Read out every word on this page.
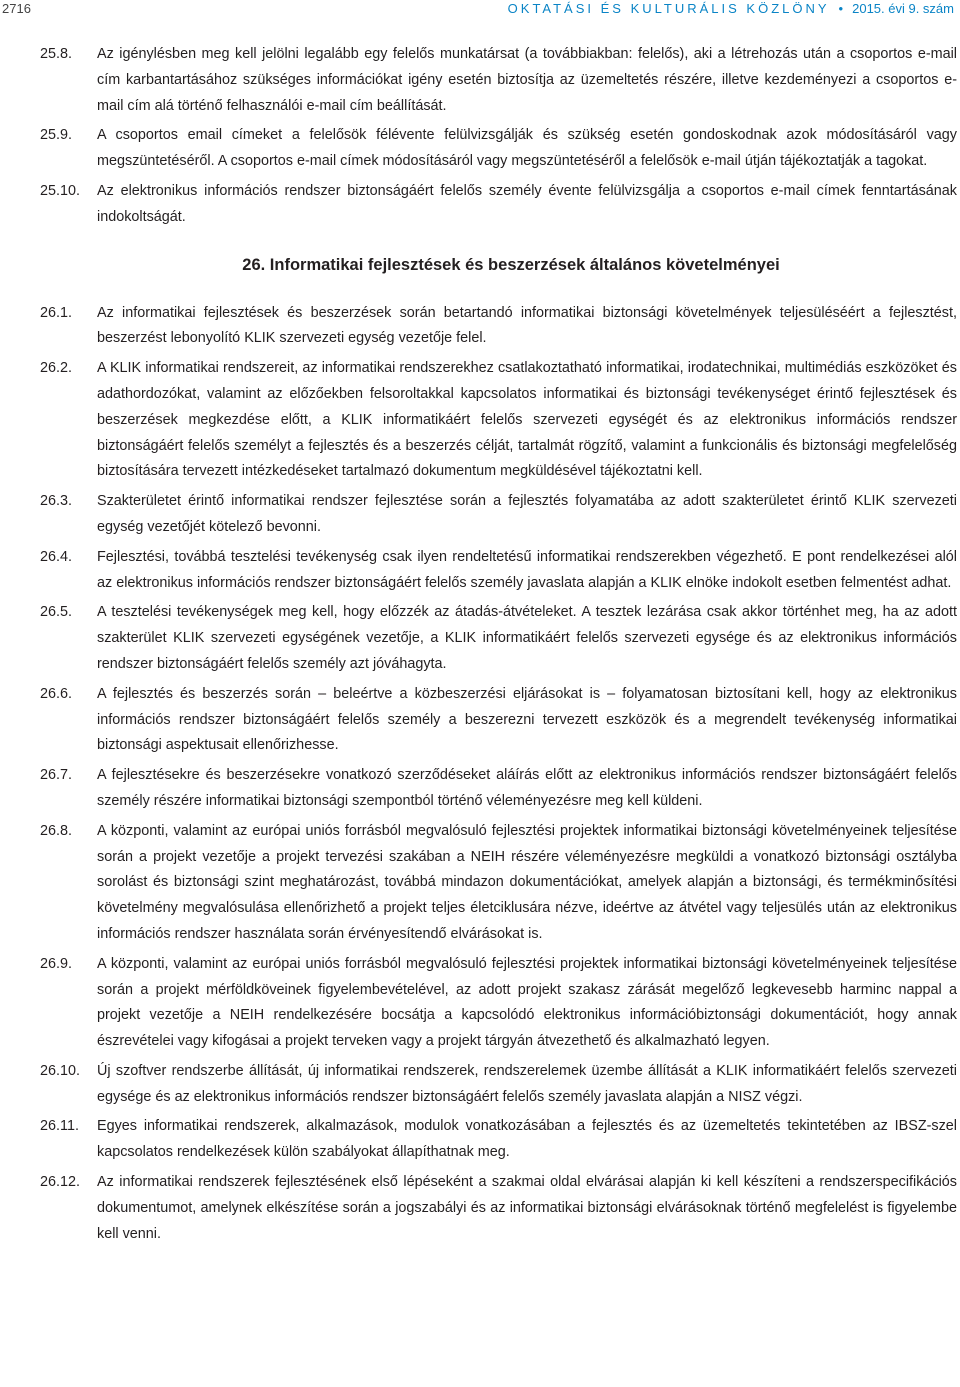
2716	OKTATÁSI ÉS KULTURÁLIS KÖZLÖNY • 2015. évi 9. szám
25.8. Az igénylésben meg kell jelölni legalább egy felelős munkatársat (a továbbiakban: felelős), aki a létrehozás után a csoportos e-mail cím karbantartásához szükséges információkat igény esetén biztosítja az üzemeltetés részére, illetve kezdeményezi a csoportos e-mail cím alá történő felhasználói e-mail cím beállítását.
25.9. A csoportos email címeket a felelősök félévente felülvizsgálják és szükség esetén gondoskodnak azok módosításáról vagy megszüntetéséről. A csoportos e-mail címek módosításáról vagy megszüntetéséről a felelősök e-mail útján tájékoztatják a tagokat.
25.10. Az elektronikus információs rendszer biztonságáért felelős személy évente felülvizsgálja a csoportos e-mail címek fenntartásának indokoltságát.
26. Informatikai fejlesztések és beszerzések általános követelményei
26.1. Az informatikai fejlesztések és beszerzések során betartandó informatikai biztonsági követelmények teljesüléséért a fejlesztést, beszerzést lebonyolító KLIK szervezeti egység vezetője felel.
26.2. A KLIK informatikai rendszereit, az informatikai rendszerekhez csatlakoztatható informatikai, irodatechnikai, multimédiás eszközöket és adathordozókat, valamint az előzőekben felsoroltakkal kapcsolatos informatikai és biztonsági tevékenységet érintő fejlesztések és beszerzések megkezdése előtt, a KLIK informatikáért felelős szervezeti egységét és az elektronikus információs rendszer biztonságáért felelős személyt a fejlesztés és a beszerzés célját, tartalmát rögzítő, valamint a funkcionális és biztonsági megfelelőség biztosítására tervezett intézkedéseket tartalmazó dokumentum megküldésével tájékoztatni kell.
26.3. Szakterületet érintő informatikai rendszer fejlesztése során a fejlesztés folyamatába az adott szakterületet érintő KLIK szervezeti egység vezetőjét kötelező bevonni.
26.4. Fejlesztési, továbbá tesztelési tevékenység csak ilyen rendeltetésű informatikai rendszerekben végezhető. E pont rendelkezései alól az elektronikus információs rendszer biztonságáért felelős személy javaslata alapján a KLIK elnöke indokolt esetben felmentést adhat.
26.5. A tesztelési tevékenységek meg kell, hogy előzzék az átadás-átvételeket. A tesztek lezárása csak akkor történhet meg, ha az adott szakterület KLIK szervezeti egységének vezetője, a KLIK informatikáért felelős szervezeti egysége és az elektronikus információs rendszer biztonságáért felelős személy azt jóváhagyta.
26.6. A fejlesztés és beszerzés során – beleértve a közbeszerzési eljárásokat is – folyamatosan biztosítani kell, hogy az elektronikus információs rendszer biztonságáért felelős személy a beszerezni tervezett eszközök és a megrendelt tevékenység informatikai biztonsági aspektusait ellenőrizhesse.
26.7. A fejlesztésekre és beszerzésekre vonatkozó szerződéseket aláírás előtt az elektronikus információs rendszer biztonságáért felelős személy részére informatikai biztonsági szempontból történő véleményezésre meg kell küldeni.
26.8. A központi, valamint az európai uniós forrásból megvalósuló fejlesztési projektek informatikai biztonsági követelményeinek teljesítése során a projekt vezetője a projekt tervezési szakában a NEIH részére véleményezésre megküldi a vonatkozó biztonsági osztályba sorolást és biztonsági szint meghatározást, továbbá mindazon dokumentációkat, amelyek alapján a biztonsági, és termékminősítési követelmény megvalósulása ellenőrizhető a projekt teljes életciklusára nézve, ideértve az átvétel vagy teljesülés után az elektronikus információs rendszer használata során érvényesítendő elvárásokat is.
26.9. A központi, valamint az európai uniós forrásból megvalósuló fejlesztési projektek informatikai biztonsági követelményeinek teljesítése során a projekt mérföldköveinek figyelembevételével, az adott projekt szakasz zárását megelőző legkevesebb harminc nappal a projekt vezetője a NEIH rendelkezésére bocsátja a kapcsolódó elektronikus információbiztonsági dokumentációt, hogy annak észrevételei vagy kifogásai a projekt terveken vagy a projekt tárgyán átvezethető és alkalmazható legyen.
26.10. Új szoftver rendszerbe állítását, új informatikai rendszerek, rendszerelemek üzembe állítását a KLIK informatikáért felelős szervezeti egysége és az elektronikus információs rendszer biztonságáért felelős személy javaslata alapján a NISZ végzi.
26.11. Egyes informatikai rendszerek, alkalmazások, modulok vonatkozásában a fejlesztés és az üzemeltetés tekintetében az IBSZ-szel kapcsolatos rendelkezések külön szabályokat állapíthatnak meg.
26.12. Az informatikai rendszerek fejlesztésének első lépéseként a szakmai oldal elvárásai alapján ki kell készíteni a rendszerspecifikációs dokumentumot, amelynek elkészítése során a jogszabályi és az informatikai biztonsági elvárásoknak történő megfelelést is figyelembe kell venni.
